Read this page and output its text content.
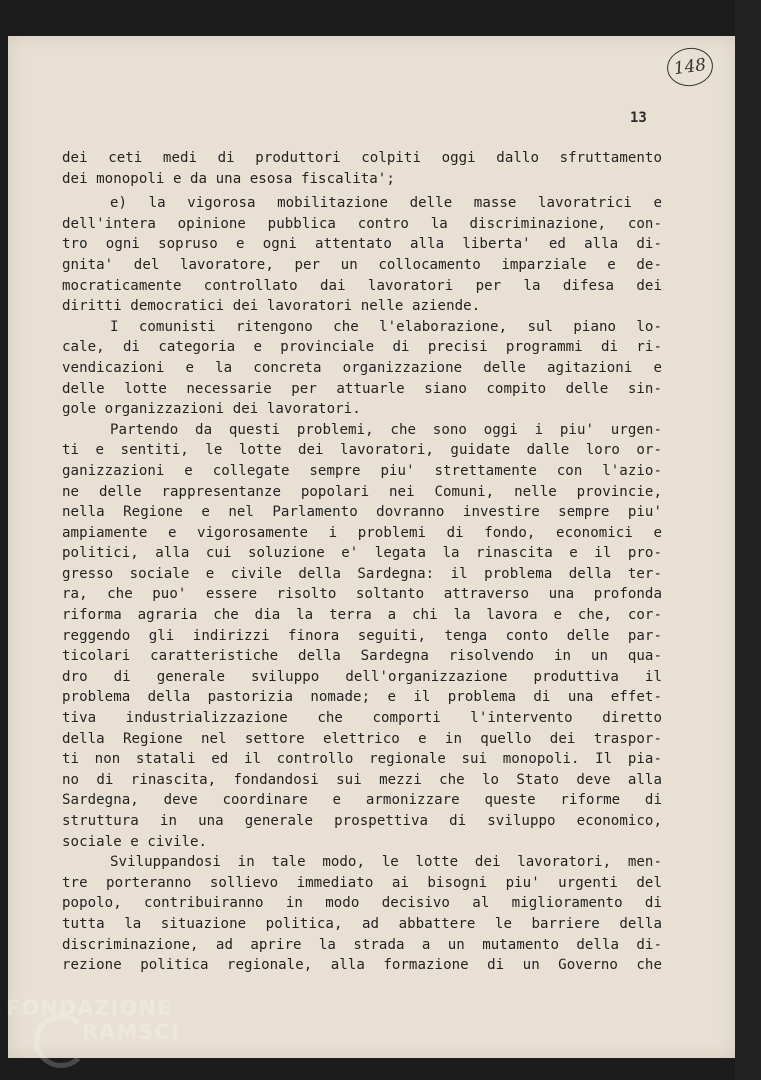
148
13
dei ceti medi di produttori colpiti oggi dallo sfruttamento
dei monopoli e da una esosa fiscalita';
e) la vigorosa mobilitazione delle masse lavoratrici e
dell'intera opinione pubblica contro la discriminazione, con-
tro ogni sopruso e ogni attentato alla liberta' ed alla di-
gnita' del lavoratore, per un collocamento imparziale e de-
mocraticamente controllato dai lavoratori per la difesa dei
diritti democratici dei lavoratori nelle aziende.
I comunisti ritengono che l'elaborazione, sul piano lo-
cale, di categoria e provinciale di precisi programmi di ri-
vendicazioni e la concreta organizzazione delle agitazioni e
delle lotte necessarie per attuarle siano compito delle sin-
gole organizzazioni dei lavoratori.
Partendo da questi problemi, che sono oggi i piu' urgen-
ti e sentiti, le lotte dei lavoratori, guidate dalle loro or-
ganizzazioni e collegate sempre piu' strettamente con l'azio-
ne delle rappresentanze popolari nei Comuni, nelle provincie,
nella Regione e nel Parlamento dovranno investire sempre piu'
ampiamente e vigorosamente i problemi di fondo, economici e
politici, alla cui soluzione e' legata la rinascita e il pro-
gresso sociale e civile della Sardegna: il problema della ter-
ra, che puo' essere risolto soltanto attraverso una profonda
riforma agraria che dia la terra a chi la lavora e che, cor-
reggendo gli indirizzi finora seguiti, tenga conto delle par-
ticolari caratteristiche della Sardegna risolvendo in un qua-
dro di generale sviluppo dell'organizzazione produttiva il
problema della pastorizia nomade; e il problema di una effet-
tiva industrializzazione che comporti l'intervento diretto
della Regione nel settore elettrico e in quello dei traspor-
ti non statali ed il controllo regionale sui monopoli. Il pia-
no di rinascita, fondandosi sui mezzi che lo Stato deve alla
Sardegna, deve coordinare e armonizzare queste riforme di
struttura in una generale prospettiva di sviluppo economico,
sociale e civile.
Sviluppandosi in tale modo, le lotte dei lavoratori, men-
tre porteranno sollievo immediato ai bisogni piu' urgenti del
popolo, contribuiranno in modo decisivo al miglioramento di
tutta la situazione politica, ad abbattere le barriere della
discriminazione, ad aprire la strada a un mutamento della di-
rezione politica regionale, alla formazione di un Governo che
FONDAZIONE
RAMSCI
